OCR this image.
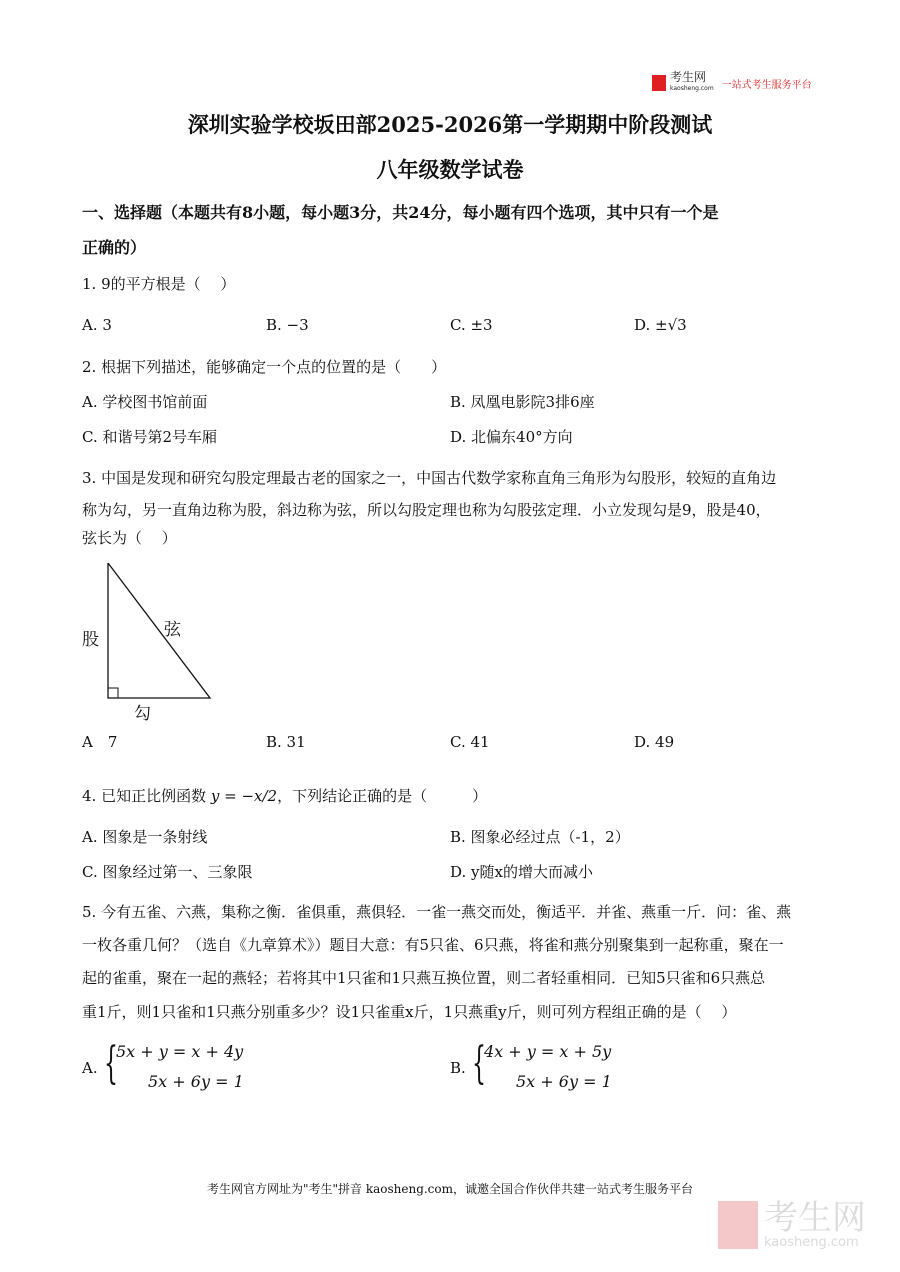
考生网
kaosheng.com 一站式考生服务平台
深圳实验学校坂田部2025-2026第一学期期中阶段测试
八年级数学试卷
一、选择题（本题共有8小题，每小题3分，共24分，每小题有四个选项，其中只有一个是
正确的）
1. 9的平方根是（　 ）
A. 3	B. −3	C. ±3	D. ±√3
2. 根据下列描述，能够确定一个点的位置的是（　　）
A. 学校图书馆前面	B. 凤凰电影院3排6座
C. 和谐号第2号车厢	D. 北偏东40°方向
3. 中国是发现和研究勾股定理最古老的国家之一，中国古代数学家称直角三角形为勾股形，较短的直角边
称为勾，另一直角边称为股，斜边称为弦，所以勾股定理也称为勾股弦定理．小立发现勾是9，股是40，
弦长为（　 ）
股	弦
勾
A　7	B. 31	C. 41	D. 49
4. 已知正比例函数 y = −x/2，下列结论正确的是（　　　）
A. 图象是一条射线	B. 图象必经过点（-1，2）
C. 图象经过第一、三象限	D. y随x的增大而减小
5. 今有五雀、六燕，集称之衡．雀俱重，燕俱轻．一雀一燕交而处，衡适平．并雀、燕重一斤．问：雀、燕
一枚各重几何？（选自《九章算术》）题目大意：有5只雀、6只燕，将雀和燕分别聚集到一起称重，聚在一
起的雀重，聚在一起的燕轻；若将其中1只雀和1只燕互换位置，则二者轻重相同．已知5只雀和6只燕总
重1斤，则1只雀和1只燕分别重多少？设1只雀重x斤，1只燕重y斤，则可列方程组正确的是（　 ）
A. {
5x + y = x + 4y
5x + 6y = 1
B. {
4x + y = x + 5y
5x + 6y = 1
考生网官方网址为"考生"拼音 kaosheng.com，诚邀全国合作伙伴共建一站式考生服务平台
考生网
kaosheng.com
